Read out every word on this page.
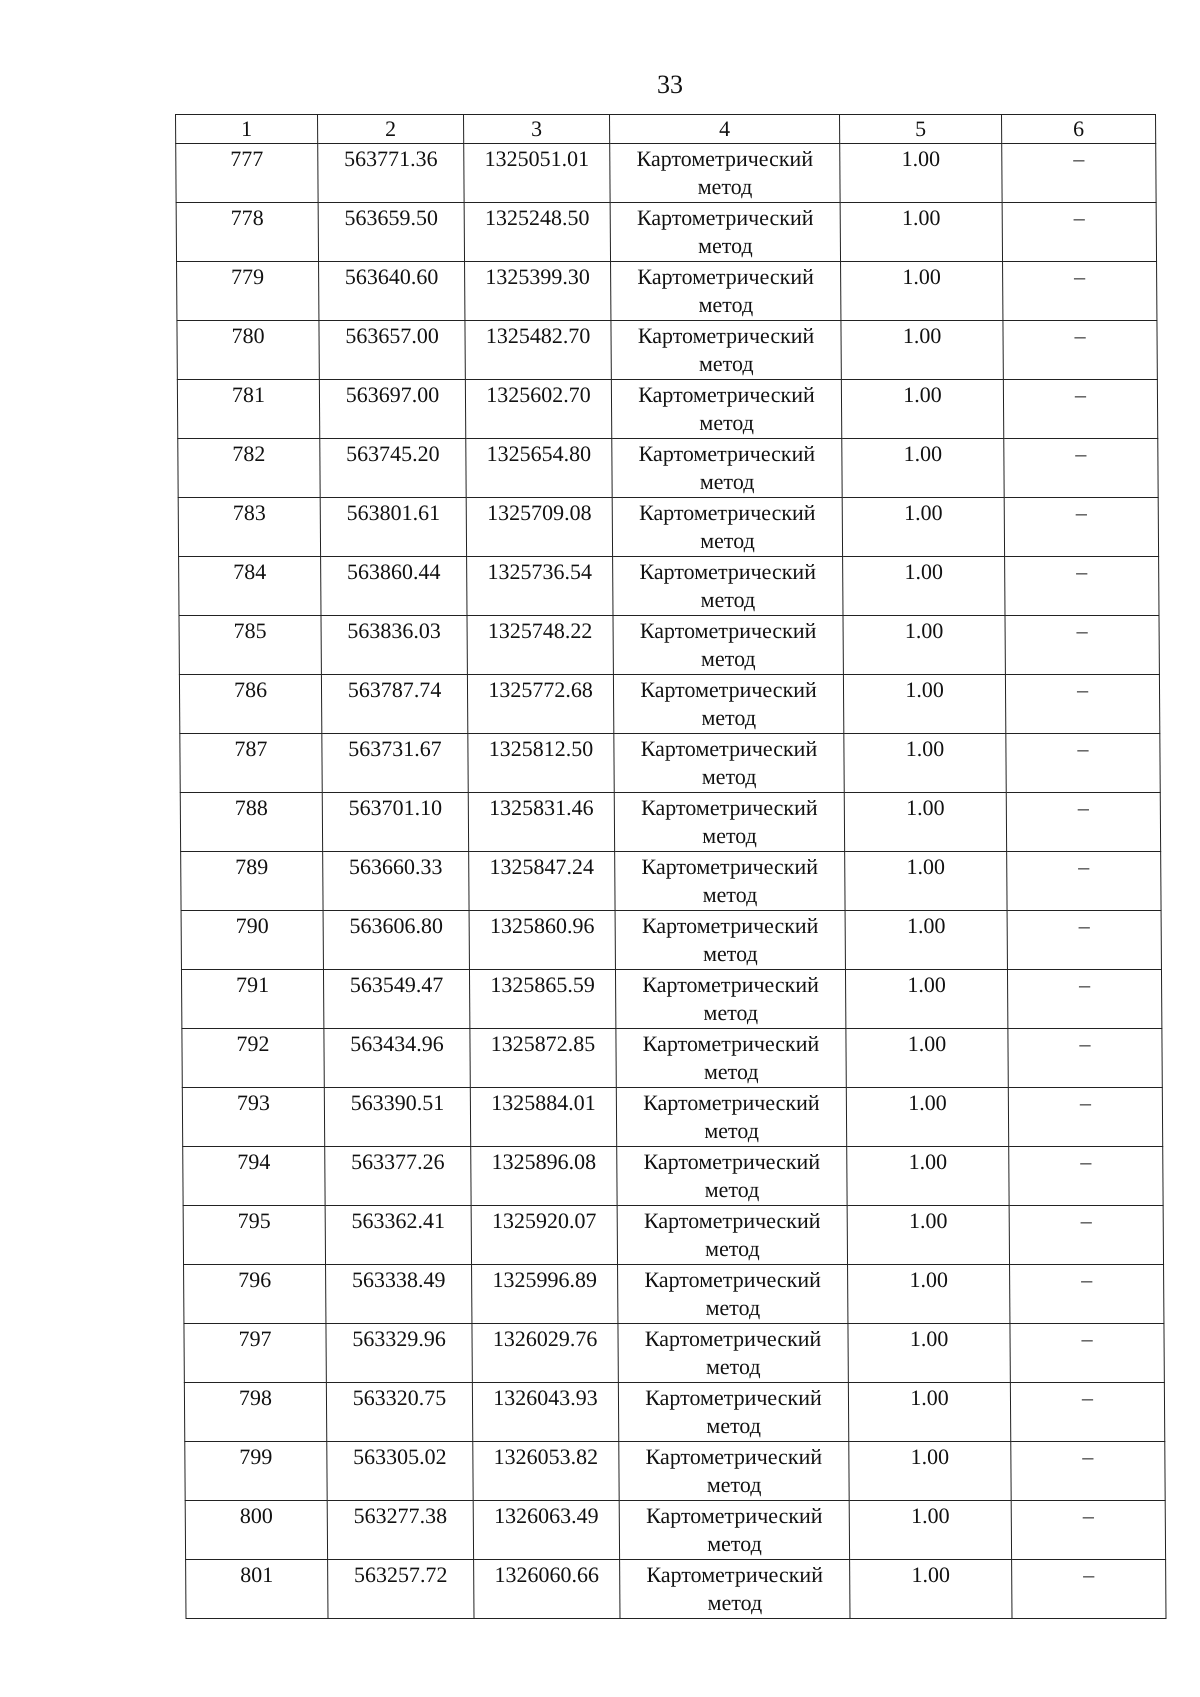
33
1	2	3	4	5	6
777	563771.36	1325051.01	Картометрический метод	1.00	–
778	563659.50	1325248.50	Картометрический метод	1.00	–
779	563640.60	1325399.30	Картометрический метод	1.00	–
780	563657.00	1325482.70	Картометрический метод	1.00	–
781	563697.00	1325602.70	Картометрический метод	1.00	–
782	563745.20	1325654.80	Картометрический метод	1.00	–
783	563801.61	1325709.08	Картометрический метод	1.00	–
784	563860.44	1325736.54	Картометрический метод	1.00	–
785	563836.03	1325748.22	Картометрический метод	1.00	–
786	563787.74	1325772.68	Картометрический метод	1.00	–
787	563731.67	1325812.50	Картометрический метод	1.00	–
788	563701.10	1325831.46	Картометрический метод	1.00	–
789	563660.33	1325847.24	Картометрический метод	1.00	–
790	563606.80	1325860.96	Картометрический метод	1.00	–
791	563549.47	1325865.59	Картометрический метод	1.00	–
792	563434.96	1325872.85	Картометрический метод	1.00	–
793	563390.51	1325884.01	Картометрический метод	1.00	–
794	563377.26	1325896.08	Картометрический метод	1.00	–
795	563362.41	1325920.07	Картометрический метод	1.00	–
796	563338.49	1325996.89	Картометрический метод	1.00	–
797	563329.96	1326029.76	Картометрический метод	1.00	–
798	563320.75	1326043.93	Картометрический метод	1.00	–
799	563305.02	1326053.82	Картометрический метод	1.00	–
800	563277.38	1326063.49	Картометрический метод	1.00	–
801	563257.72	1326060.66	Картометрический метод	1.00	–
